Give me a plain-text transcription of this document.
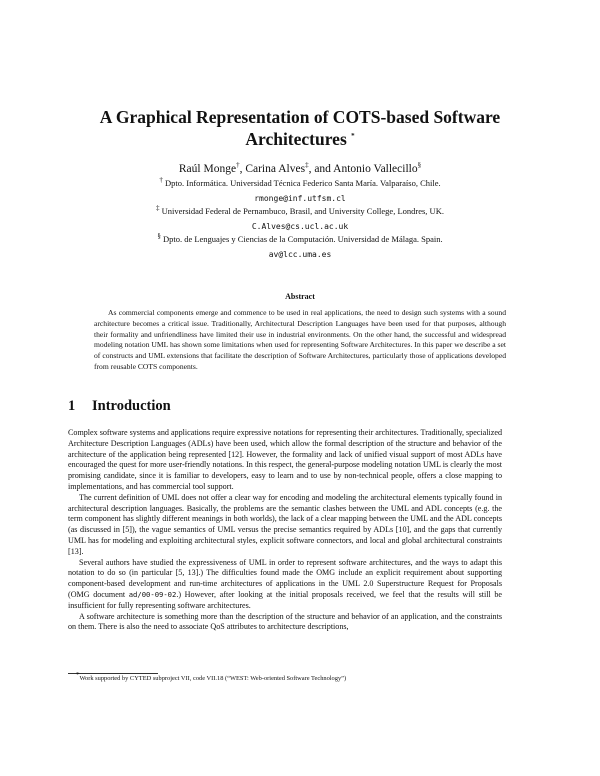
A Graphical Representation of COTS-based Software
Architectures *
Raúl Monge†, Carina Alves‡, and Antonio Vallecillo§
† Dpto. Informática. Universidad Técnica Federico Santa María. Valparaíso, Chile.
rmonge@inf.utfsm.cl
‡ Universidad Federal de Pernambuco, Brasil, and University College, Londres, UK.
C.Alves@cs.ucl.ac.uk
§ Dpto. de Lenguajes y Ciencias de la Computación. Universidad de Málaga. Spain.
av@lcc.uma.es
Abstract

As commercial components emerge and commence to be used in real applications, the need to design such systems with a sound architecture becomes a critical issue. Traditionally, Architectural Description Languages have been used for that purposes, although their formality and unfriendliness have limited their use in industrial environments. On the other hand, the successful and widespread modeling notation UML has shown some limitations when used for representing Software Architectures. In this paper we describe a set of constructs and UML extensions that facilitate the description of Software Architectures, particularly those of applications developed from reusable COTS components.

1 Introduction

Complex software systems and applications require expressive notations for representing their architectures. Traditionally, specialized Architecture Description Languages (ADLs) have been used, which allow the formal description of the structure and behavior of the architecture of the application being represented [12]. However, the formality and lack of unified visual support of most ADLs have encouraged the quest for more user-friendly notations. In this respect, the general-purpose modeling notation UML is clearly the most promising candidate, since it is familiar to developers, easy to learn and to use by non-technical people, offers a close mapping to implementations, and has commercial tool support.

The current definition of UML does not offer a clear way for encoding and modeling the architectural elements typically found in architectural description languages. Basically, the problems are the semantic clashes between the UML and ADL concepts (e.g. the term component has slightly different meanings in both worlds), the lack of a clear mapping between the UML and the ADL concepts (as discussed in [5]), the vague semantics of UML versus the precise semantics required by ADLs [10], and the gaps that currently UML has for modeling and exploiting architectural styles, explicit software connectors, and local and global architectural constraints [13].

Several authors have studied the expressiveness of UML in order to represent software architectures, and the ways to adapt this notation to do so (in particular [5, 13].) The difficulties found made the OMG include an explicit requirement about supporting component-based development and run-time architectures of applications in the UML 2.0 Superstructure Request for Proposals (OMG document ad/00-09-02.) However, after looking at the initial proposals received, we feel that the results will still be insufficient for fully representing software architectures.

A software architecture is something more than the description of the structure and behavior of an application, and the constraints on them. There is also the need to associate QoS attributes to architecture descriptions,

*Work supported by CYTED subproject VII, code VII.18 (“WEST: Web-oriented Software Technology”)
